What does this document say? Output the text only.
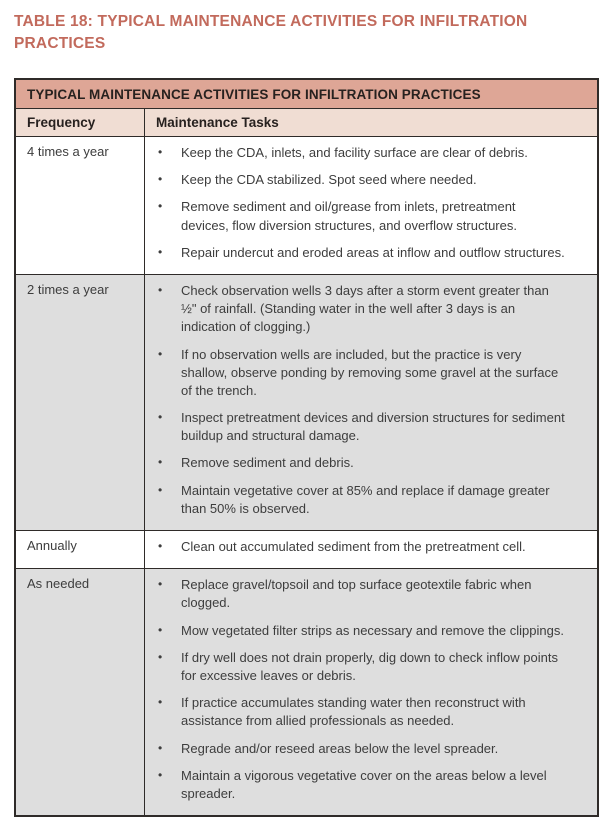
TABLE 18: TYPICAL MAINTENANCE ACTIVITIES FOR INFILTRATION PRACTICES
TYPICAL MAINTENANCE ACTIVITIES FOR INFILTRATION PRACTICES
Frequency	Maintenance Tasks
4 times a year	• Keep the CDA, inlets, and facility surface are clear of debris.
• Keep the CDA stabilized. Spot seed where needed.
• Remove sediment and oil/grease from inlets, pretreatment devices, flow diversion structures, and overflow structures.
• Repair undercut and eroded areas at inflow and outflow structures.
2 times a year	• Check observation wells 3 days after a storm event greater than ½" of rainfall. (Standing water in the well after 3 days is an indication of clogging.)
• If no observation wells are included, but the practice is very shallow, observe ponding by removing some gravel at the surface of the trench.
• Inspect pretreatment devices and diversion structures for sediment buildup and structural damage.
• Remove sediment and debris.
• Maintain vegetative cover at 85% and replace if damage greater than 50% is observed.
Annually	• Clean out accumulated sediment from the pretreatment cell.
As needed	• Replace gravel/topsoil and top surface geotextile fabric when clogged.
• Mow vegetated filter strips as necessary and remove the clippings.
• If dry well does not drain properly, dig down to check inflow points for excessive leaves or debris.
• If practice accumulates standing water then reconstruct with assistance from allied professionals as needed.
• Regrade and/or reseed areas below the level spreader.
• Maintain a vigorous vegetative cover on the areas below a level spreader.
